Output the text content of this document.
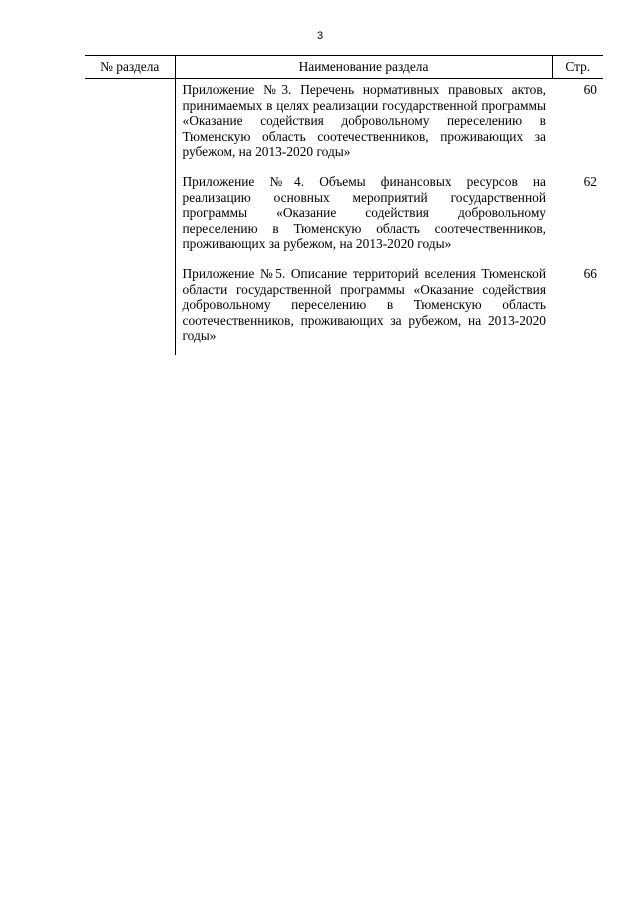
3
№ раздела	Наименование раздела	Стр.
	Приложение №3. Перечень нормативных правовых актов, принимаемых в целях реализации государственной программы «Оказание содействия добровольному переселению в Тюменскую область соотечественников, проживающих за рубежом, на 2013-2020 годы»	60
	Приложение №4. Объемы финансовых ресурсов на реализацию основных мероприятий государственной программы «Оказание содействия добровольному переселению в Тюменскую область соотечественников, проживающих за рубежом, на 2013-2020 годы»	62
	Приложение №5. Описание территорий вселения Тюменской области государственной программы «Оказание содействия добровольному переселению в Тюменскую область соотечественников, проживающих за рубежом, на 2013-2020 годы»	66
